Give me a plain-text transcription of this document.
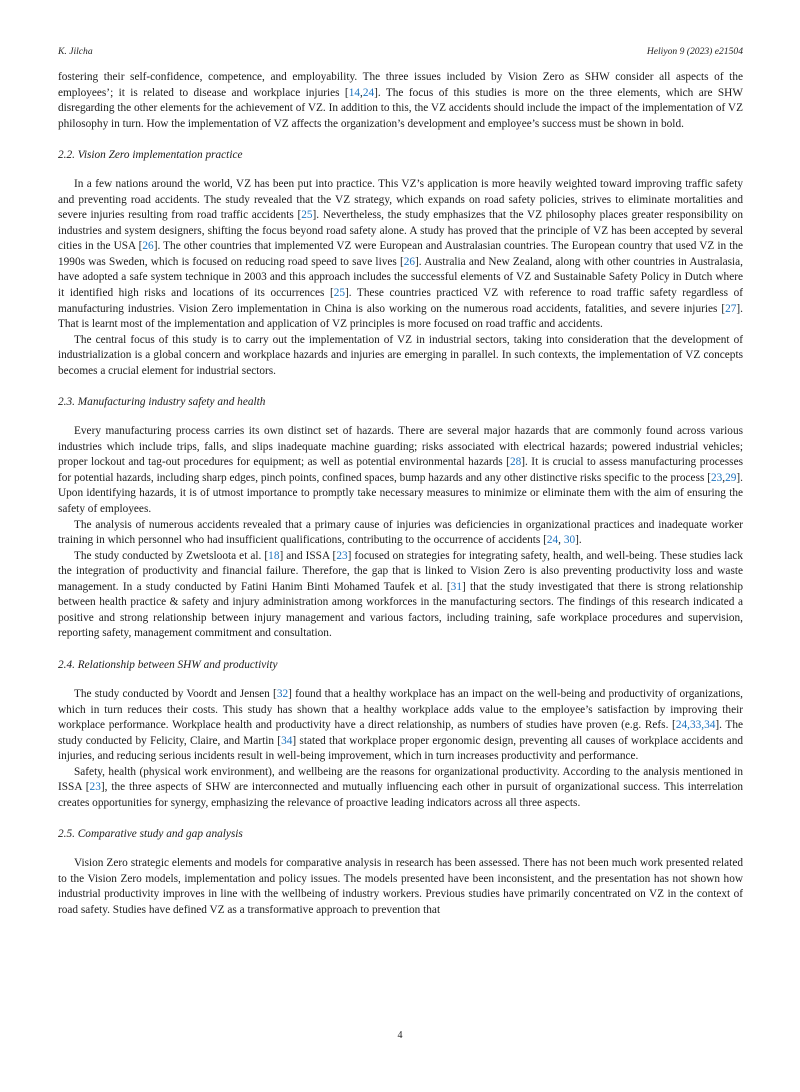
K. Jilcha	Heliyon 9 (2023) e21504

fostering their self-confidence, competence, and employability. The three issues included by Vision Zero as SHW consider all aspects of the employees’; it is related to disease and workplace injuries [14,24]. The focus of this studies is more on the three elements, which are SHW disregarding the other elements for the achievement of VZ. In addition to this, the VZ accidents should include the impact of the implementation of VZ philosophy in turn. How the implementation of VZ affects the organization’s development and employee’s success must be shown in bold.

2.2. Vision Zero implementation practice

In a few nations around the world, VZ has been put into practice. This VZ’s application is more heavily weighted toward improving traffic safety and preventing road accidents. The study revealed that the VZ strategy, which expands on road safety policies, strives to eliminate mortalities and severe injuries resulting from road traffic accidents [25]. Nevertheless, the study emphasizes that the VZ philosophy places greater responsibility on industries and system designers, shifting the focus beyond road safety alone. A study has proved that the principle of VZ has been accepted by several cities in the USA [26]. The other countries that implemented VZ were European and Australasian countries. The European country that used VZ in the 1990s was Sweden, which is focused on reducing road speed to save lives [26]. Australia and New Zealand, along with other countries in Australasia, have adopted a safe system technique in 2003 and this approach includes the successful elements of VZ and Sustainable Safety Policy in Dutch where it identified high risks and locations of its occurrences [25]. These countries practiced VZ with reference to road traffic safety regardless of manufacturing industries. Vision Zero implementation in China is also working on the numerous road accidents, fatalities, and severe injuries [27]. That is learnt most of the implementation and application of VZ principles is more focused on road traffic and accidents.

The central focus of this study is to carry out the implementation of VZ in industrial sectors, taking into consideration that the development of industrialization is a global concern and workplace hazards and injuries are emerging in parallel. In such contexts, the implementation of VZ concepts becomes a crucial element for industrial sectors.

2.3. Manufacturing industry safety and health

Every manufacturing process carries its own distinct set of hazards. There are several major hazards that are commonly found across various industries which include trips, falls, and slips inadequate machine guarding; risks associated with electrical hazards; powered industrial vehicles; proper lockout and tag-out procedures for equipment; as well as potential environmental hazards [28]. It is crucial to assess manufacturing processes for potential hazards, including sharp edges, pinch points, confined spaces, bump hazards and any other distinctive risks specific to the process [23,29]. Upon identifying hazards, it is of utmost importance to promptly take necessary measures to minimize or eliminate them with the aim of ensuring the safety of employees.

The analysis of numerous accidents revealed that a primary cause of injuries was deficiencies in organizational practices and inadequate worker training in which personnel who had insufficient qualifications, contributing to the occurrence of accidents [24, 30].

The study conducted by Zwetsloota et al. [18] and ISSA [23] focused on strategies for integrating safety, health, and well-being. These studies lack the integration of productivity and financial failure. Therefore, the gap that is linked to Vision Zero is also preventing productivity loss and waste management. In a study conducted by Fatini Hanim Binti Mohamed Taufek et al. [31] that the study investigated that there is strong relationship between health practice & safety and injury administration among workforces in the manufacturing sectors. The findings of this research indicated a positive and strong relationship between injury management and various factors, including training, safe workplace procedures and supervision, reporting safety, management commitment and consultation.

2.4. Relationship between SHW and productivity

The study conducted by Voordt and Jensen [32] found that a healthy workplace has an impact on the well-being and productivity of organizations, which in turn reduces their costs. This study has shown that a healthy workplace adds value to the employee’s satisfaction by improving their workplace performance. Workplace health and productivity have a direct relationship, as numbers of studies have proven (e.g. Refs. [24,33,34]. The study conducted by Felicity, Claire, and Martin [34] stated that workplace proper ergonomic design, preventing all causes of workplace accidents and injuries, and reducing serious incidents result in well-being improvement, which in turn increases productivity and performance.

Safety, health (physical work environment), and wellbeing are the reasons for organizational productivity. According to the analysis mentioned in ISSA [23], the three aspects of SHW are interconnected and mutually influencing each other in pursuit of organizational success. This interrelation creates opportunities for synergy, emphasizing the relevance of proactive leading indicators across all three aspects.

2.5. Comparative study and gap analysis

Vision Zero strategic elements and models for comparative analysis in research has been assessed. There has not been much work presented related to the Vision Zero models, implementation and policy issues. The models presented have been inconsistent, and the presentation has not shown how industrial productivity improves in line with the wellbeing of industry workers. Previous studies have primarily concentrated on VZ in the context of road safety. Studies have defined VZ as a transformative approach to prevention that

4
